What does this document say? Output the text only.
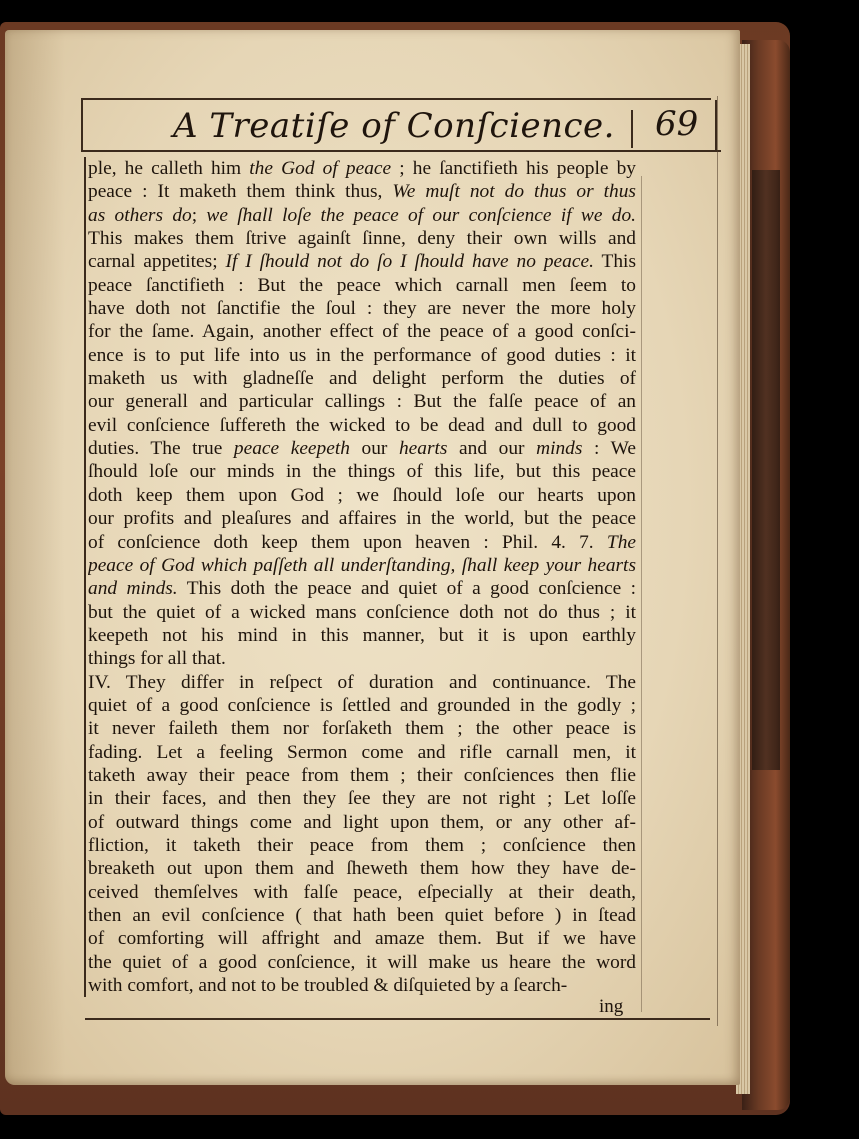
A Treatiſe of Conſcience. 69
ple, he calleth him the God of peace ; he ſanctifieth his people by
peace : It maketh them think thus, We muſt not do thus or thus
as others do; we ſhall loſe the peace of our conſcience if we do.
This makes them ſtrive againſt ſinne, deny their own wills and
carnal appetites; If I ſhould not do ſo I ſhould have no peace. This
peace ſanctifieth : But the peace which carnall men ſeem to
have doth not ſanctifie the ſoul : they are never the more holy
for the ſame. Again, another effect of the peace of a good conſci-
ence is to put life into us in the performance of good duties : it
maketh us with gladneſſe and delight perform the duties of
our generall and particular callings : But the falſe peace of an
evil conſcience ſuffereth the wicked to be dead and dull to good
duties. The true peace keepeth our hearts and our minds : We
ſhould loſe our minds in the things of this life, but this peace
doth keep them upon God ; we ſhould loſe our hearts upon
our profits and pleaſures and affaires in the world, but the peace
of conſcience doth keep them upon heaven : Phil. 4. 7. The
peace of God which paſſeth all underſtanding, ſhall keep your hearts
and minds. This doth the peace and quiet of a good conſcience :
but the quiet of a wicked mans conſcience doth not do thus ; it
keepeth not his mind in this manner, but it is upon earthly
things for all that.
IV. They differ in reſpect of duration and continuance. The
quiet of a good conſcience is ſettled and grounded in the godly ;
it never faileth them nor forſaketh them ; the other peace is
fading. Let a feeling Sermon come and rifle carnall men, it
taketh away their peace from them ; their conſciences then flie
in their faces, and then they ſee they are not right ; Let loſſe
of outward things come and light upon them, or any other af-
fliction, it taketh their peace from them ; conſcience then
breaketh out upon them and ſheweth them how they have de-
ceived themſelves with falſe peace, eſpecially at their death,
then an evil conſcience ( that hath been quiet before ) in ſtead
of comforting will affright and amaze them. But if we have
the quiet of a good conſcience, it will make us heare the word
with comfort, and not to be troubled & diſquieted by a ſearch-
ing
